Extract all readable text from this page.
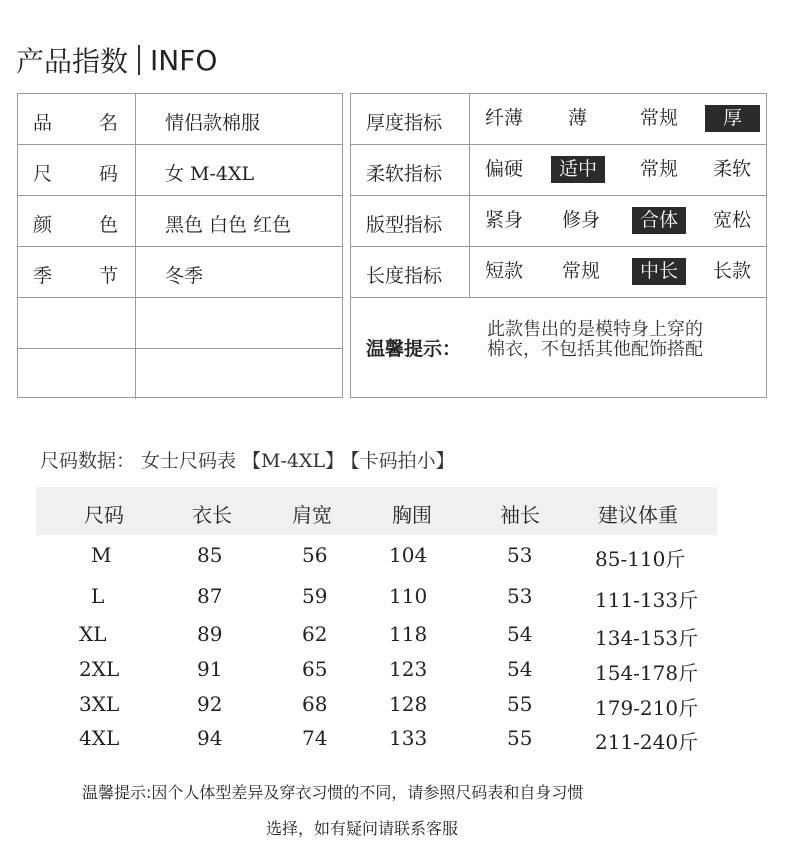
产品指数 INFO
品 名 情侣款棉服
尺 码 女 M-4XL
颜 色 黑色 白色 红色
季 节 冬季
厚度指标 纤薄 薄	常规	厚
柔软指标 偏硬	适中	常规 柔软
版型指标 紧身 修身	合体	宽松
长度指标 短款 常规	中长	长款
温馨提示：
此款售出的是模特身上穿的
棉衣，不包括其他配饰搭配
尺码数据： 女士尺码表 【M-4XL】 【卡码拍小】
尺码	衣长	肩宽	胸围	袖长	建议体重
M	85	56	104	53	85-110斤
L	87	59	110	53	111-133斤
XL	89	62	118	54	134-153斤
2XL	91	65	123	54	154-178斤
3XL	92	68	128	55	179-210斤
4XL	94	74	133	55	211-240斤
温馨提示:因个人体型差异及穿衣习惯的不同，请参照尺码表和自身习惯
选择，如有疑问请联系客服
